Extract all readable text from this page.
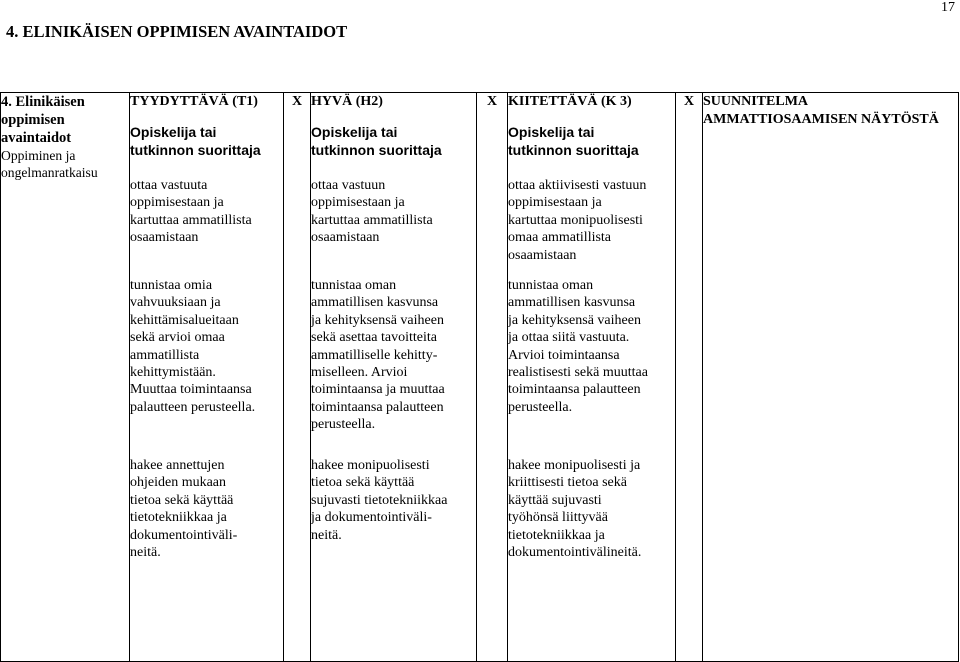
17
4. ELINIKÄISEN OPPIMISEN AVAINTAIDOT
4. Elinikäisen
oppimisen
avaintaidot
Oppiminen ja
ongelmanratkaisu

TYYDYTTÄVÄ (T1)
Opiskelija tai
tutkinnon suorittaja
ottaa vastuuta
oppimisestaan ja
kartuttaa ammatillista
osaamistaan
tunnistaa omia
vahvuuksiaan ja
kehittämisalueitaan
sekä arvioi omaa
ammatillista
kehittymistään.
Muuttaa toimintaansa
palautteen perusteella.
hakee annettujen
ohjeiden mukaan
tietoa sekä käyttää
tietotekniikkaa ja
dokumentointiväli-
neitä.
	X	HYVÄ (H2)
Opiskelija tai
tutkinnon suorittaja
ottaa vastuun
oppimisestaan ja
kartuttaa ammatillista
osaamistaan
tunnistaa oman
ammatillisen kasvunsa
ja kehityksensä vaiheen
sekä asettaa tavoitteita
ammatilliselle kehitty-
miselleen. Arvioi
toimintaansa ja muuttaa
toimintaansa palautteen
perusteella.
hakee monipuolisesti
tietoa sekä käyttää
sujuvasti tietotekniikkaa
ja dokumentointiväli-
neitä.
	X	KIITETTÄVÄ (K 3)
Opiskelija tai
tutkinnon suorittaja
ottaa aktiivisesti vastuun
oppimisestaan ja
kartuttaa monipuolisesti
omaa ammatillista
osaamistaan
tunnistaa oman
ammatillisen kasvunsa
ja kehityksensä vaiheen
ja ottaa siitä vastuuta.
Arvioi toimintaansa
realistisesti sekä muuttaa
toimintaansa palautteen
perusteella.
hakee monipuolisesti ja
kriittisesti tietoa sekä
käyttää sujuvasti
työhönsä liittyvää
tietotekniikkaa ja
dokumentointivälineitä.
	X	SUUNNITELMA
AMMATTIOSAAMISEN NÄYTÖSTÄ
